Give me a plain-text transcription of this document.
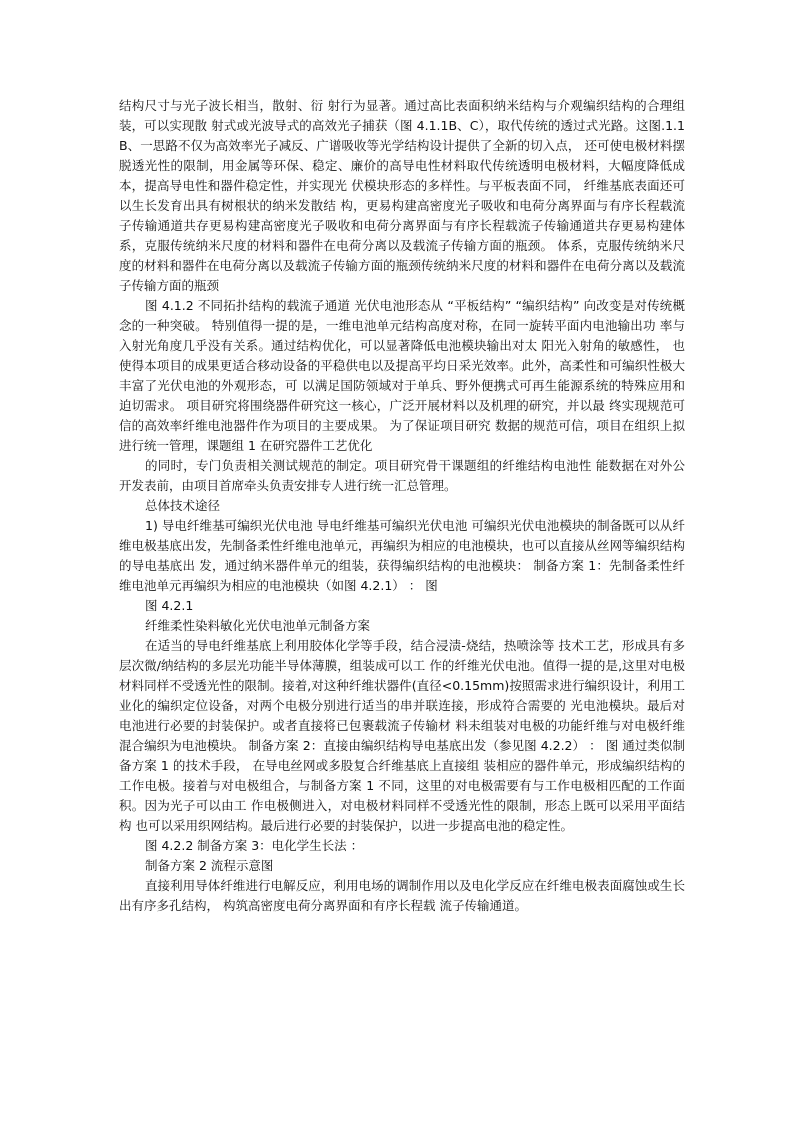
结构尺寸与光子波长相当，散射、衍 射行为显著。通过高比表面积纳米结构与介观编织结构的合理组装，可以实现散 射式或光波导式的高效光子捕获（图 4.1.1B、C），取代传统的透过式光路。这图.1.1B、一思路不仅为高效率光子减反、广谱吸收等光学结构设计提供了全新的切入点， 还可使电极材料摆脱透光性的限制，用金属等环保、稳定、廉价的高导电性材料取代传统透明电极材料，大幅度降低成本，提高导电性和器件稳定性，并实现光 伏模块形态的多样性。与平板表面不同， 纤维基底表面还可以生长发育出具有树根状的纳米发散结 构，更易构建高密度光子吸收和电荷分离界面与有序长程载流子传输通道共存更易构建高密度光子吸收和电荷分离界面与有序长程载流子传输通道共存更易构建体系，克服传统纳米尺度的材料和器件在电荷分离以及载流子传输方面的瓶颈。 体系，克服传统纳米尺度的材料和器件在电荷分离以及载流子传输方面的瓶颈传统纳米尺度的材料和器件在电荷分离以及载流子传输方面的瓶颈

图 4.1.2 不同拓扑结构的载流子通道 光伏电池形态从 “平板结构” “编织结构” 向改变是对传统概念的一种突破。 特别值得一提的是，一维电池单元结构高度对称，在同一旋转平面内电池输出功 率与入射光角度几乎没有关系。通过结构优化，可以显著降低电池模块输出对太 阳光入射角的敏感性， 也使得本项目的成果更适合移动设备的平稳供电以及提高平均日采光效率。此外，高柔性和可编织性极大丰富了光伏电池的外观形态，可 以满足国防领域对于单兵、野外便携式可再生能源系统的特殊应用和迫切需求。 项目研究将围绕器件研究这一核心，广泛开展材料以及机理的研究，并以最 终实现规范可信的高效率纤维电池器件作为项目的主要成果。 为了保证项目研究 数据的规范可信，项目在组织上拟进行统一管理，课题组 1 在研究器件工艺优化

的同时，专门负责相关测试规范的制定。项目研究骨干课题组的纤维结构电池性 能数据在对外公开发表前，由项目首席牵头负责安排专人进行统一汇总管理。

总体技术途径

1) 导电纤维基可编织光伏电池 导电纤维基可编织光伏电池 可编织光伏电池模块的制备既可以从纤维电极基底出发，先制备柔性纤维电池单元，再编织为相应的电池模块，也可以直接从丝网等编织结构的导电基底出 发，通过纳米器件单元的组装，获得编织结构的电池模块： 制备方案 1：先制备柔性纤维电池单元再编织为相应的电池模块（如图 4.2.1） ： 图

图 4.2.1

纤维柔性染料敏化光伏电池单元制备方案

在适当的导电纤维基底上利用胶体化学等手段，结合浸渍-烧结，热喷涂等 技术工艺，形成具有多层次微/纳结构的多层光功能半导体薄膜，组装成可以工 作的纤维光伏电池。值得一提的是,这里对电极材料同样不受透光性的限制。接着,对这种纤维状器件(直径<0.15mm)按照需求进行编织设计，利用工 业化的编织定位设备，对两个电极分别进行适当的串并联连接，形成符合需要的 光电池模块。最后对电池进行必要的封装保护。或者直接将已包裹载流子传输材 料未组装对电极的功能纤维与对电极纤维混合编织为电池模块。 制备方案 2：直接由编织结构导电基底出发（参见图 4.2.2） ： 图 通过类似制备方案 1 的技术手段， 在导电丝网或多股复合纤维基底上直接组 装相应的器件单元，形成编织结构的工作电极。接着与对电极组合，与制备方案 1 不同，这里的对电极需要有与工作电极相匹配的工作面积。因为光子可以由工 作电极侧进入，对电极材料同样不受透光性的限制，形态上既可以采用平面结构 也可以采用织网结构。最后进行必要的封装保护，以进一步提高电池的稳定性。

图 4.2.2 制备方案 3：电化学生长法 ：

制备方案 2 流程示意图

直接利用导体纤维进行电解反应，利用电场的调制作用以及电化学反应在纤维电极表面腐蚀或生长出有序多孔结构， 构筑高密度电荷分离界面和有序长程载 流子传输通道。
